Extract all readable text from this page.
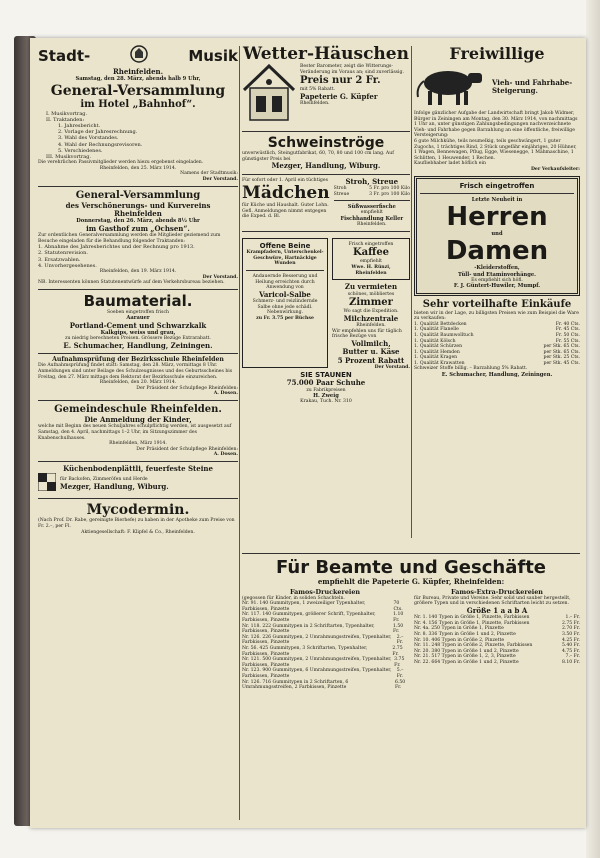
Stadt-	Musik
Rheinfelden.
Samstag, den 28. März, abends halb 9 Uhr,
General-Versammlung
im Hotel „Bahnhof“.
I. Musikvortrag.
II. Traktanden:
1. Jahresbericht.
2. Vorlage der Jahresrechnung.
3. Wahl des Vorstandes.
4. Wahl der Rechnungsrevisoren.
5. Verschiedenes.
III. Musikvortrag.
Die verehrlichen Passivmitglieder werden hiezu ergebenst eingeladen.
Rheinfelden, den 25. März 1914.
Namens der Stadtmusik:
Der Vorstand.
General-Versammlung
des Verschönerungs- und Kurvereins
Rheinfelden
Donnerstag, den 26. März, abends 8½ Uhr
im Gasthof zum „Ochsen“.
Zur ordentlichen Generalversammlung werden die Mitglieder geziemend zum Besuche eingeladen für die Behandlung folgender Traktanden:
1. Abnahme des Jahresberichtes und der Rechnung pro 1913.
2. Statutenrevision.
3. Ersatzwahlen.
4. Unvorhergesehenes.
Rheinfelden, den 19. März 1914.
Der Vorstand.
NB. Interessenten können Statutenentwürfe auf dem Verkehrsbureau beziehen.
Baumaterial.
Soeben eingetroffen frisch
Aarauer
Portland-Cement und Schwarzkalk
Kalkgips, weiss und grau,
zu niedrig berechneten Preisen. Grössere Bezüge Extrarabatt.
E. Schumacher, Handlung, Zeiningen.
Aufnahmsprüfung der Bezirksschule Rheinfelden
Die Aufnahmsprüfung findet statt: Samstag, den 28. März, vormittags 8 Uhr. Anmeldungen sind unter Beilage des Schulzeugnisses und des Geburtsscheines bis Freitag, den 27. März mittags dem Rektorat der Bezirksschule einzureichen.
Rheinfelden, den 20. März 1914.
Der Präsident der Schulpflege Rheinfelden:
A. Dosen.
Gemeindeschule Rheinfelden.
Die Anmeldung der Kinder,
welche mit Beginn des neuen Schuljahres schulpflichtig werden, ist ausgesetzt auf Samstag, den 4. April, nachmittags 1–2 Uhr, im Sitzungszimmer des Knabenschulhauses.
Rheinfelden, März 1914.
Der Präsident der Schulpflege Rheinfelden:
A. Dosen.
Küchenbodenplättli, feuerfeste Steine
für Backofen, Zimmeröfen und Herde
Mezger, Handlung, Wiburg.
Mycodermin.
(Nach Prof. Dr. Rabe, gereinigte Bierhefe) zu haben in der Apotheke zum Preise von Fr. 2.–, per Fl.
Aktiengesellschaft: F. Klipfel & Co., Rheinfelden.
Wetter-Häuschen
Bester Barometer, zeigt die Witterungs-Veränderung im Voraus an; sind zuverlässig.
Preis nur 2 Fr.
mit 5% Rabatt.
Papeterie G. Küpfer
Rheinfelden.
Schweinströge
unverwüstlich, Steingutfabrikat, 60, 70, 80 und 100 cm lang. Auf günstigster Preis bei
Mezger, Handlung, Wiburg.
Für sofort oder 1. April ein tüchtiges
Mädchen
für Küche und Haushalt. Guter Lohn. Gefl. Anmeldungen nimmt entgegen die Exped. d. Bl.
Stroh, Streue
Stroh	5 Fr. pro 100 Kilo
Streue	3 Fr. pro 100 Kilo
Süßwasserfische
empfiehlt
Fischhandlung Keller
Rheinfelden.
Offene Beine
Krampfadern, Unterschenkel-Geschwüre, Hartnäckige Wunden
Andauernde Besserung und Heilung erreichten durch Anwendung von
Varicol-Salbe
Schmerz- und reizlindernde Salbe ohne jede schädl. Nebenwirkung.
zu Fr. 3.75 per Büchse
Frisch eingetroffen
Kaffee
empfiehlt
Wwe. H. Rünzi, Rheinfelden
Zu vermieten
schönes, möbliertes
Zimmer
Wo sagt die Expedition.
Milchzentrale
Rheinfelden.
Wir empfehlen uns für täglich frische Bezüge von
Vollmilch,
Butter u. Käse
5 Prozent Rabatt
Der Vorstand.
SIE STAUNEN
75.000 Paar Schuhe
zu Fabrikpreisen
H. Zweig
Krakau, Tuch. Nr. 310
Freiwillige
Vieh- und Fahrhabe-
Steigerung.
Infolge gänzlicher Aufgabe der Landwirtschaft bringt Jakob Widmer, Bürger in Zeiningen am Montag, den 30. März 1914, von nachmittags 1 Uhr an, unter günstigen Zahlungsbedingungen nachverzeichnete Vieh- und Fahrhabe gegen Barzahlung an eine öffentliche, freiwillige Versteigerung:
6 gute Milchkühe, teils neumelkig, teils geschwängert, 1 guter Zugochs, 1 trächtiges Rind, 2 Stück ungefähr einjähriges, 20 Hühner, 1 Wagen, Bennewagen, Pflug, Egge, Wiesenegge, 1 Mähmaschine, 1 Schlitten, 1 Heuwender, 1 Rechen.
Kaufliebhaber ladet höflich ein
Der Verkaufsleiter:
Frisch eingetroffen
Letzte Neuheit in
Herren
und
Damen
-Kleiderstoffen,
Tüll- und Etaminvorhänge.
Es empfiehlt sich höfl.
F. J. Güntert-Huwiler, Mumpf.
Sehr vorteilhafte Einkäufe
bieten wir in der Lage, zu billigsten Preisen wie zum Beispiel die Ware zu verkaufen:
1. Qualität Bettdecken	Fr. 40 Cts.
1. Qualität Flanelle	Fr. 45 Cts.
1. Qualität Baumwolltuch	Fr. 50 Cts.
1. Qualität Kölsch	Fr. 55 Cts.
1. Qualität Schürzen	per Stk. 65 Cts.
1. Qualität Hemden	per Stk. 65 Cts.
1. Qualität Kragen	per Stk. 25 Cts.
1. Qualität Krawatten	per Stk. 45 Cts.
Schweizer Stoffe billig. – Barzahlung 5% Rabatt.
E. Schumacher, Handlung, Zeiningen.
Für Beamte und Geschäfte
empfiehlt die Papeterie G. Küpfer, Rheinfelden:
Famos-Druckereien
(gegossen für Kinder, in soliden Schachteln.
Nr. 91. 140 Gummitypen, 1 zweizeiliger Typenhalter, Farbkissen, Pinzette
70 Cts.
Nr. 117. 140 Gummitypen, größerer Schrift, Typenhalter, Farbkissen, Pinzette
1.10 Fr.
Nr. 118. 222 Gummitypen in 2 Schriftarten, Typenhalter, Farbkissen, Pinzette
1.50 Fr.
Nr. 126. 226 Gummitypen, 2 Umrahmungsstreifen, Typenhalter, Farbkissen, Pinzette
2.– Fr.
Nr. 56. 425 Gummitypen, 3 Schriftarten, Typenhalter, Farbkissen, Pinzette
2.75 Fr.
Nr. 121. 500 Gummitypen, 2 Umrahmungsstreifen, Typenhalter, Farbkissen, Pinzette
3.75 Fr.
Nr. 123. 900 Gummitypen, 6 Umrahmungsstreifen, Typenhalter, Farbkissen, Pinzette
5.– Fr.
Nr. 126. 716 Gummitypen in 2 Schriftarten, 6 Umrahmungsstreifen, 2 Farbkissen, Pinzette
6.50 Fr.
Famos-Extra-Druckereien
für Bureau, Private und Vereine. Sehr solid und sauber hergestellt, größere Typen und in verschiedenen Schriftarten leicht zu setzen.
Größe 1 a a b A
Nr. 1. 140 Typen in Größe 1, Pinzette, Farbkissen	1.– Fr.
Nr. 4. 156 Typen in Größe 1, Pinzette, Farbkissen	2.75 Fr.
Nr. 4a. 250 Typen in Größe 1, Pinzette	2.70 Fr.
Nr. 8. 336 Typen in Größe 1 und 2, Pinzette	3.50 Fr.
Nr. 10. 406 Typen in Größe 2, Pinzette	4.25 Fr.
Nr. 11. 248 Typen in Größe 2, Pinzette, Farbkissen	5.40 Fr.
Nr. 20. 380 Typen in Größe 1 und 2, Pinzette	4.75 Fr.
Nr. 21. 517 Typen in Größe 1, 2, 3, Pinzette	7.– Fr.
Nr. 22. 664 Typen in Größe 1 und 2, Pinzette	8.10 Fr.
